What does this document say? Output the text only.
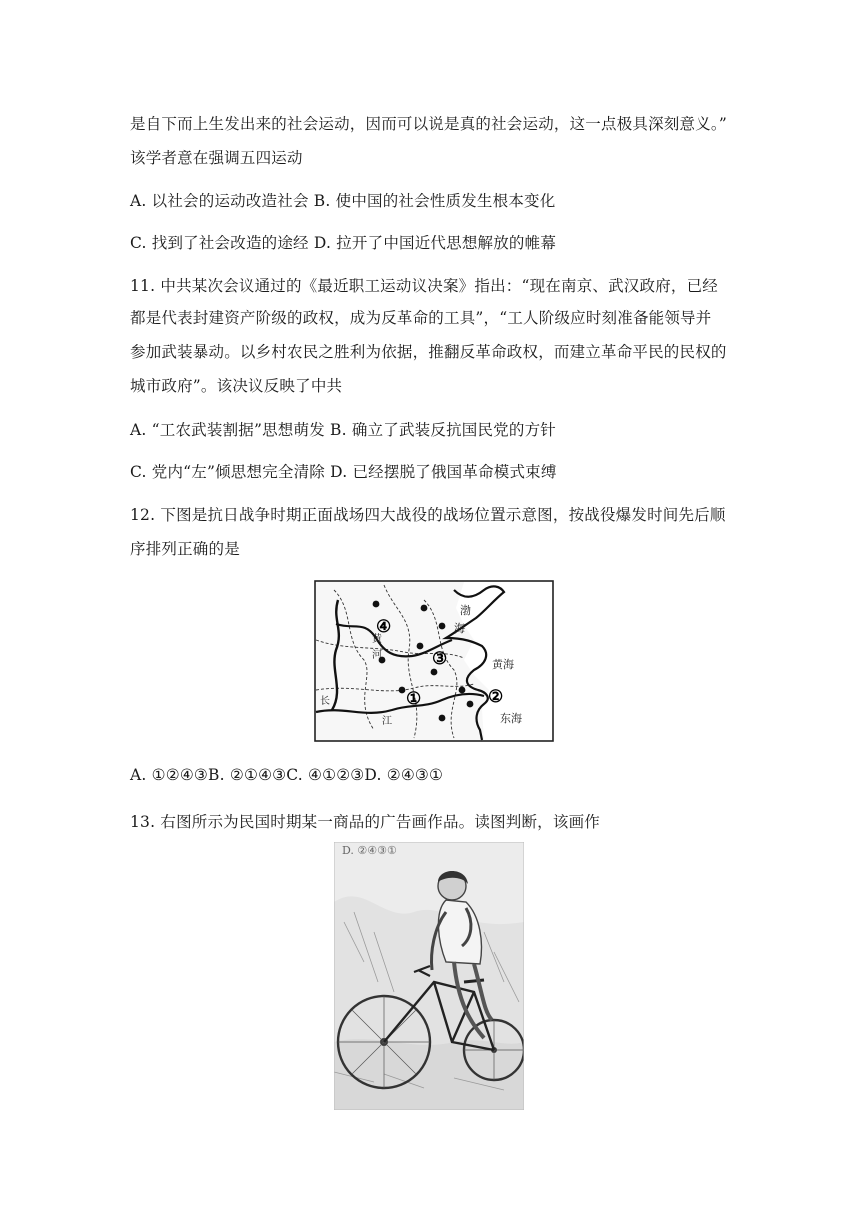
是自下而上生发出来的社会运动，因而可以说是真的社会运动，这一点极具深刻意义。”
该学者意在强调五四运动
A. 以社会的运动改造社会 B. 使中国的社会性质发生根本变化
C. 找到了社会改造的途经 D. 拉开了中国近代思想解放的帷幕
11. 中共某次会议通过的《最近职工运动议决案》指出：“现在南京、武汉政府，已经
都是代表封建资产阶级的政权，成为反革命的工具”，“工人阶级应时刻准备能领导并
参加武装暴动。以乡村农民之胜利为依据，推翻反革命政权，而建立革命平民的民权的
城市政府”。该决议反映了中共
A. “工农武装割据”思想萌发 B. 确立了武装反抗国民党的方针
C. 党内“左”倾思想完全清除 D. 已经摆脱了俄国革命模式束缚
12. 下图是抗日战争时期正面战场四大战役的战场位置示意图，按战役爆发时间先后顺
序排列正确的是
④
③
①	②
渤
海
黄海
东海
黄
河
长
江
A. ①②④③B. ②①④③C. ④①②③D. ②④③①
13. 右图所示为民国时期某一商品的广告画作品。读图判断，该画作
D. ②④③①
